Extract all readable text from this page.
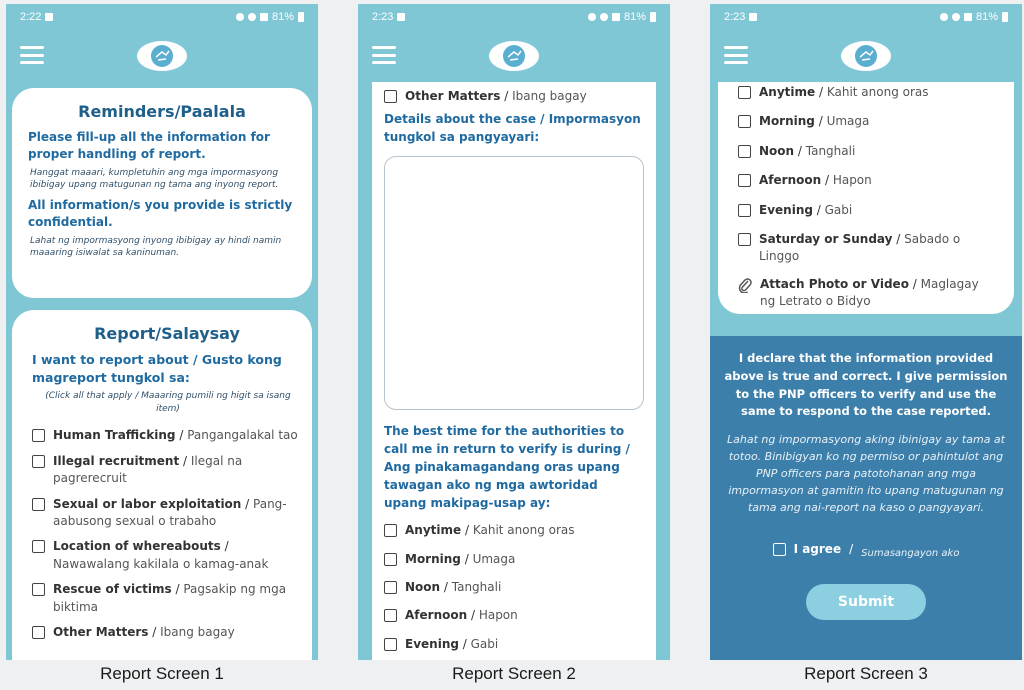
2:22	81%
Reminders/Paalala
Please fill-up all the information for proper handling of report.
Hanggat maaari, kumpletuhin ang mga impormasyong ibibigay upang matugunan ng tama ang inyong report.
All information/s you provide is strictly confidential.
Lahat ng impormasyong inyong ibibigay ay hindi namin maaaring isiwalat sa kaninuman.
Report/Salaysay
I want to report about / Gusto kong magreport tungkol sa:
(Click all that apply / Maaaring pumili ng higit sa isang item)
Human Trafficking / Pangangalakal tao
Illegal recruitment / Ilegal na pagrerecruit
Sexual or labor exploitation / Pang-aabusong sexual o trabaho
Location of whereabouts / Nawawalang kakilala o kamag-anak
Rescue of victims / Pagsakip ng mga biktima
Other Matters / Ibang bagay
Report Screen 1
2:23	81%
Other Matters / Ibang bagay
Details about the case / Impormasyon tungkol sa pangyayari:
The best time for the authorities to call me in return to verify is during / Ang pinakamagandang oras upang tawagan ako ng mga awtoridad upang makipag-usap ay:
Anytime / Kahit anong oras
Morning / Umaga
Noon / Tanghali
Afernoon / Hapon
Evening / Gabi
Report Screen 2
2:23	81%
Anytime / Kahit anong oras
Morning / Umaga
Noon / Tanghali
Afernoon / Hapon
Evening / Gabi
Saturday or Sunday / Sabado o Linggo
Attach Photo or Video / Maglagay ng Letrato o Bidyo
I declare that the information provided above is true and correct. I give permission to the PNP officers to verify and use the same to respond to the case reported.
Lahat ng impormasyong aking ibinigay ay tama at totoo. Binibigyan ko ng permiso or pahintulot ang PNP officers para patotohanan ang mga impormasyon at gamitin ito upang matugunan ng tama ang nai-report na kaso o pangyayari.
I agree / Sumasangayon ako
Submit
Report Screen 3
